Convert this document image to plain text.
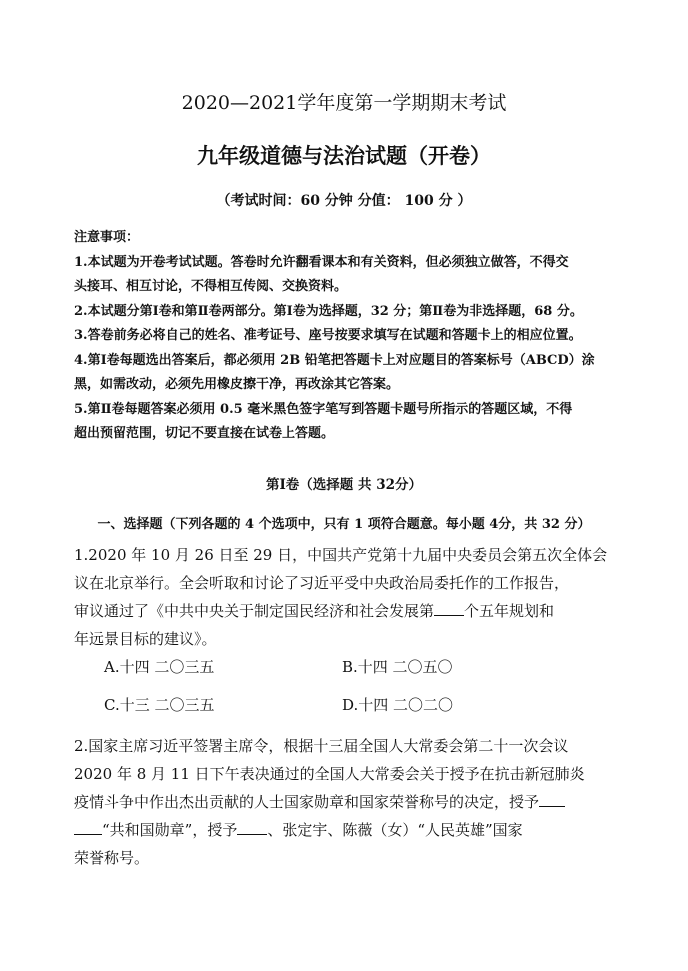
2020—2021学年度第一学期期末考试
九年级道德与法治试题（开卷）
（考试时间：60 分钟 分值： 100 分 ）

注意事项：

1.本试题为开卷考试试题。答卷时允许翻看课本和有关资料，但必须独立做答，不得交

头接耳、相互讨论，不得相互传阅、交换资料。

2.本试题分第Ⅰ卷和第Ⅱ卷两部分。第Ⅰ卷为选择题，32 分；第Ⅱ卷为非选择题，68 分。

3.答卷前务必将自己的姓名、准考证号、座号按要求填写在试题和答题卡上的相应位置。

4.第Ⅰ卷每题选出答案后，都必须用 2B 铅笔把答题卡上对应题目的答案标号（ABCD）涂

黑，如需改动，必须先用橡皮擦干净，再改涂其它答案。

5.第Ⅱ卷每题答案必须用 0.5 毫米黑色签字笔写到答题卡题号所指示的答题区域，不得

超出预留范围，切记不要直接在试卷上答题。

第Ⅰ卷（选择题 共 32分）
一、选择题（下列各题的 4 个选项中，只有 1 项符合题意。每小题 4分，共 32 分）

1.2020 年 10 月 26 日至 29 日，中国共产党第十九届中央委员会第五次全体会

议在北京举行。全会听取和讨论了习近平受中央政治局委托作的工作报告，

审议通过了《中共中央关于制定国民经济和社会发展第 个五年规划和

年远景目标的建议》。

A.十四 二〇三五	B.十四 二〇五〇
C.十三 二〇三五	D.十四 二〇二〇

2.国家主席习近平签署主席令，根据十三届全国人大常委会第二十一次会议

2020 年 8 月 11 日下午表决通过的全国人大常委会关于授予在抗击新冠肺炎

疫情斗争中作出杰出贡献的人士国家勋章和国家荣誉称号的决定，授予

“共和国勋章”，授予 、张定宇、陈薇（女）“人民英雄”国家

荣誉称号。
